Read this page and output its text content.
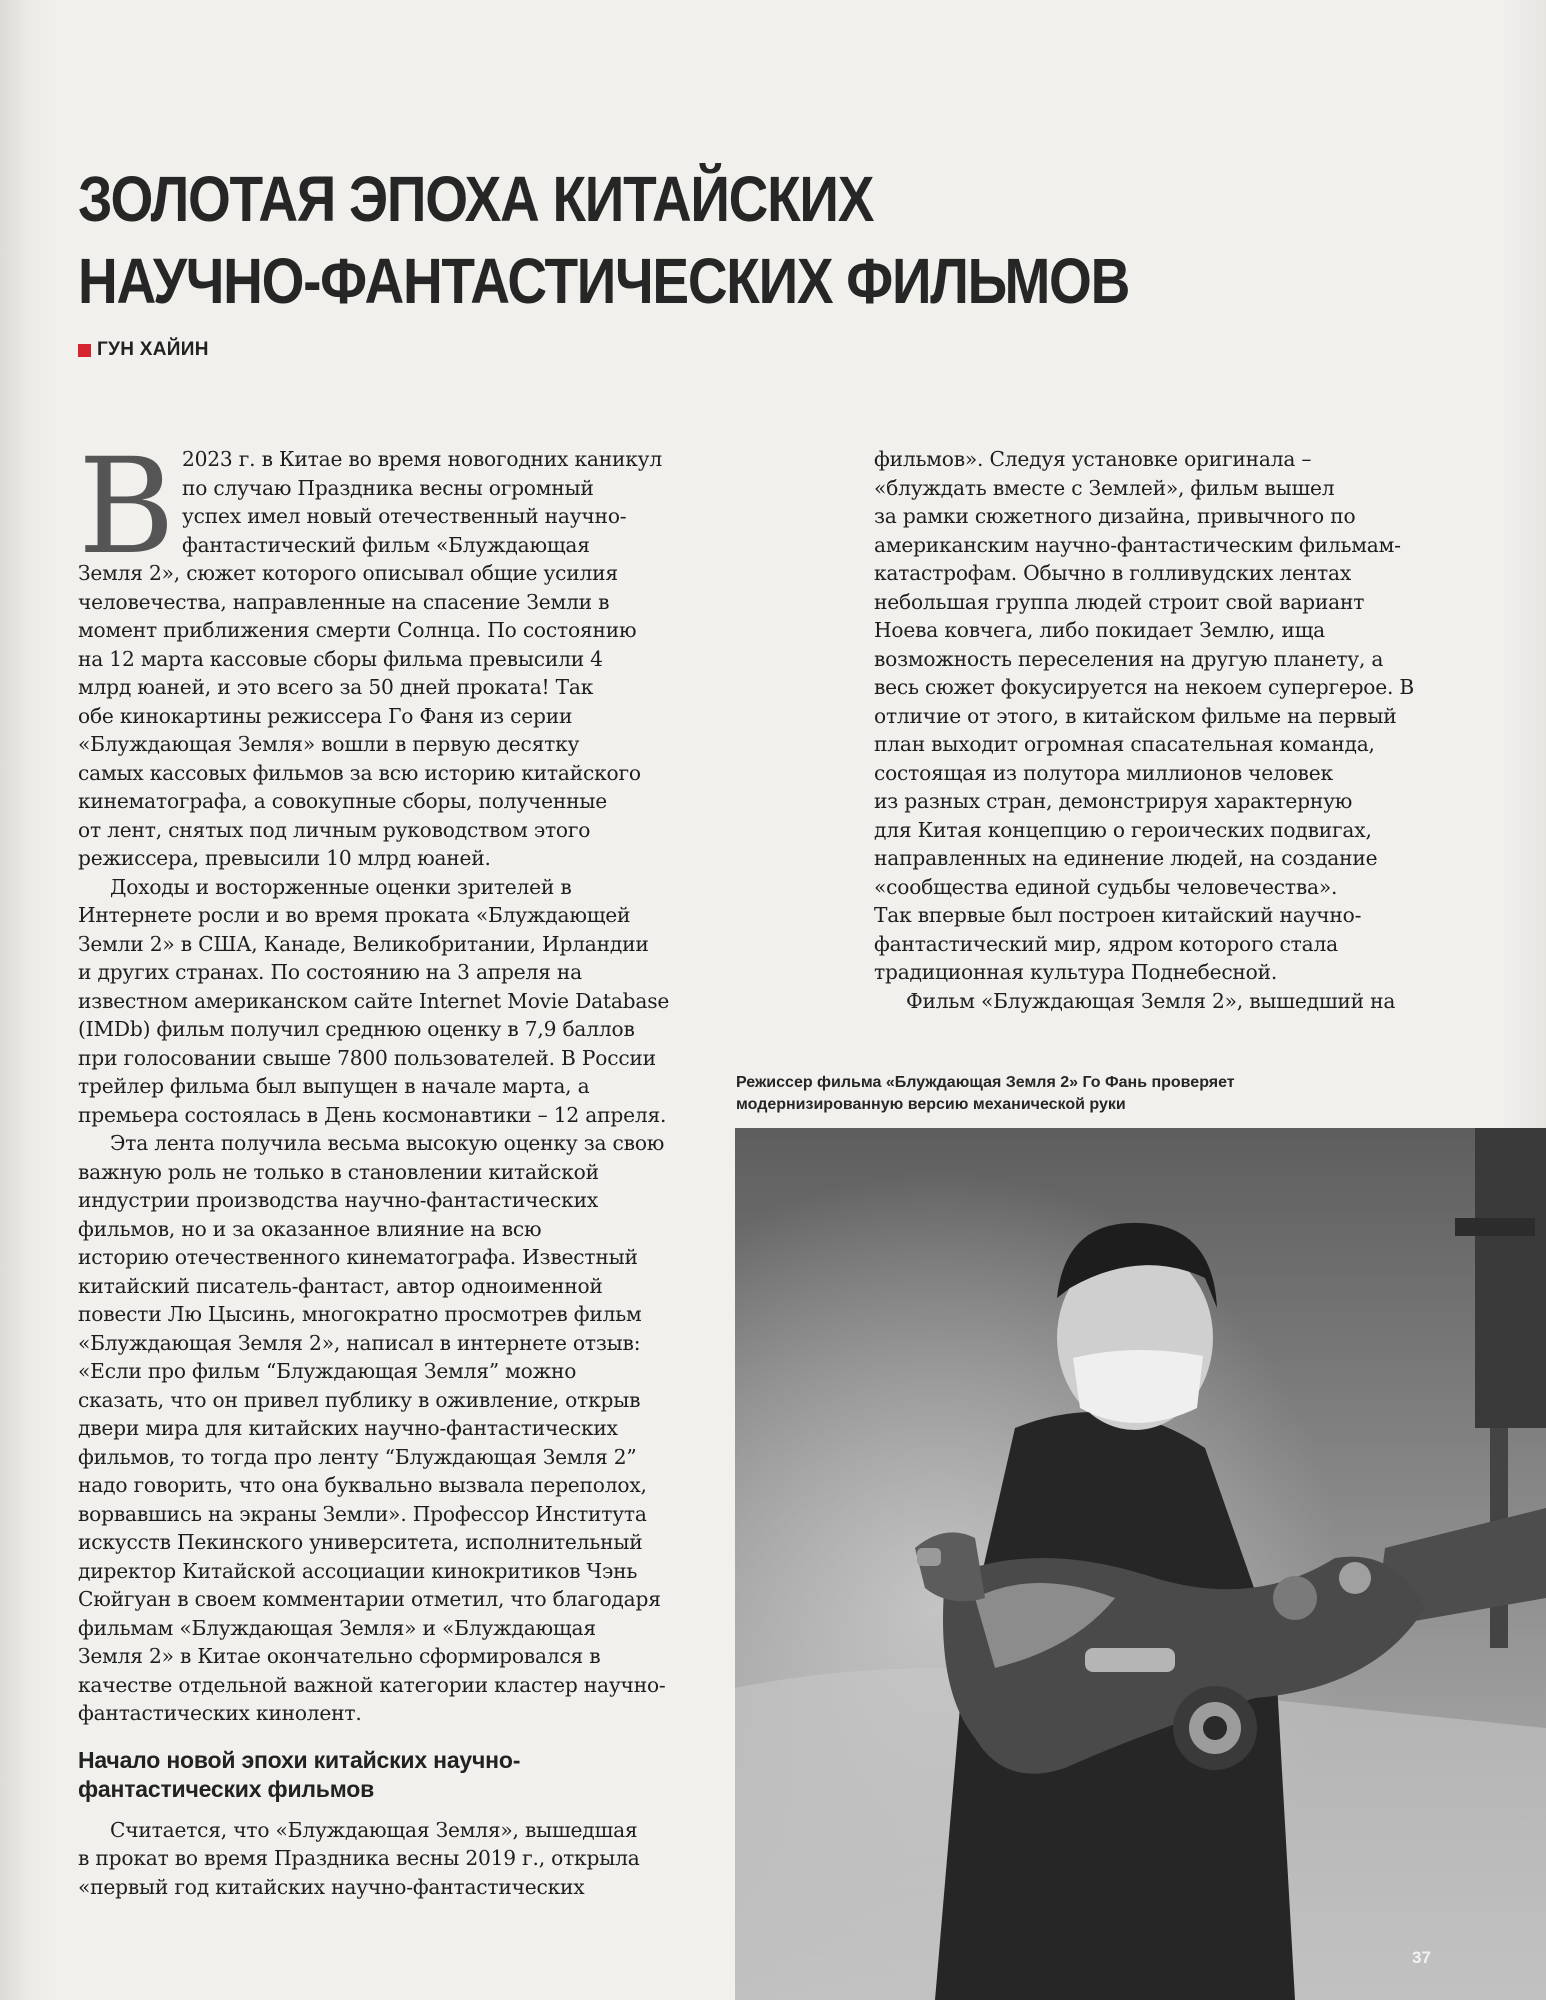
ЗОЛОТАЯ ЭПОХА КИТАЙСКИХ
НАУЧНО-ФАНТАСТИЧЕСКИХ ФИЛЬМОВ
ГУН ХАЙИН

В 2023 г. в Китае во время новогодних каникул
по случаю Праздника весны огромный
успех имел новый отечественный научно-
фантастический фильм «Блуждающая
Земля 2», сюжет которого описывал общие усилия
человечества, направленные на спасение Земли в
момент приближения смерти Солнца. По состоянию
на 12 марта кассовые сборы фильма превысили 4
млрд юаней, и это всего за 50 дней проката! Так
обе кинокартины режиссера Го Фаня из серии
«Блуждающая Земля» вошли в первую десятку
самых кассовых фильмов за всю историю китайского
кинематографа, а совокупные сборы, полученные
от лент, снятых под личным руководством этого
режиссера, превысили 10 млрд юаней.

Доходы и восторженные оценки зрителей в
Интернете росли и во время проката «Блуждающей
Земли 2» в США, Канаде, Великобритании, Ирландии
и других странах. По состоянию на 3 апреля на
известном американском сайте Internet Movie Database
(IMDb) фильм получил среднюю оценку в 7,9 баллов
при голосовании свыше 7800 пользователей. В России
трейлер фильма был выпущен в начале марта, а
премьера состоялась в День космонавтики – 12 апреля.

Эта лента получила весьма высокую оценку за свою
важную роль не только в становлении китайской
индустрии производства научно-фантастических
фильмов, но и за оказанное влияние на всю
историю отечественного кинематографа. Известный
китайский писатель-фантаст, автор одноименной
повести Лю Цысинь, многократно просмотрев фильм
«Блуждающая Земля 2», написал в интернете отзыв:
«Если про фильм “Блуждающая Земля” можно
сказать, что он привел публику в оживление, открыв
двери мира для китайских научно-фантастических
фильмов, то тогда про ленту “Блуждающая Земля 2”
надо говорить, что она буквально вызвала переполох,
ворвавшись на экраны Земли». Профессор Института
искусств Пекинского университета, исполнительный
директор Китайской ассоциации кинокритиков Чэнь
Сюйгуан в своем комментарии отметил, что благодаря
фильмам «Блуждающая Земля» и «Блуждающая
Земля 2» в Китае окончательно сформировался в
качестве отдельной важной категории кластер научно-
фантастических кинолент.

Начало новой эпохи китайских научно-
фантастических фильмов

Считается, что «Блуждающая Земля», вышедшая
в прокат во время Праздника весны 2019 г., открыла
«первый год китайских научно-фантастических

фильмов». Следуя установке оригинала –
«блуждать вместе с Землей», фильм вышел
за рамки сюжетного дизайна, привычного по
американским научно-фантастическим фильмам-
катастрофам. Обычно в голливудских лентах
небольшая группа людей строит свой вариант
Ноева ковчега, либо покидает Землю, ища
возможность переселения на другую планету, а
весь сюжет фокусируется на некоем супергерое. В
отличие от этого, в китайском фильме на первый
план выходит огромная спасательная команда,
состоящая из полутора миллионов человек
из разных стран, демонстрируя характерную
для Китая концепцию о героических подвигах,
направленных на единение людей, на создание
«сообщества единой судьбы человечества».
Так впервые был построен китайский научно-
фантастический мир, ядром которого стала
традиционная культура Поднебесной.

Фильм «Блуждающая Земля 2», вышедший на

Режиссер фильма «Блуждающая Земля 2» Го Фань проверяет
модернизированную версию механической руки
37
